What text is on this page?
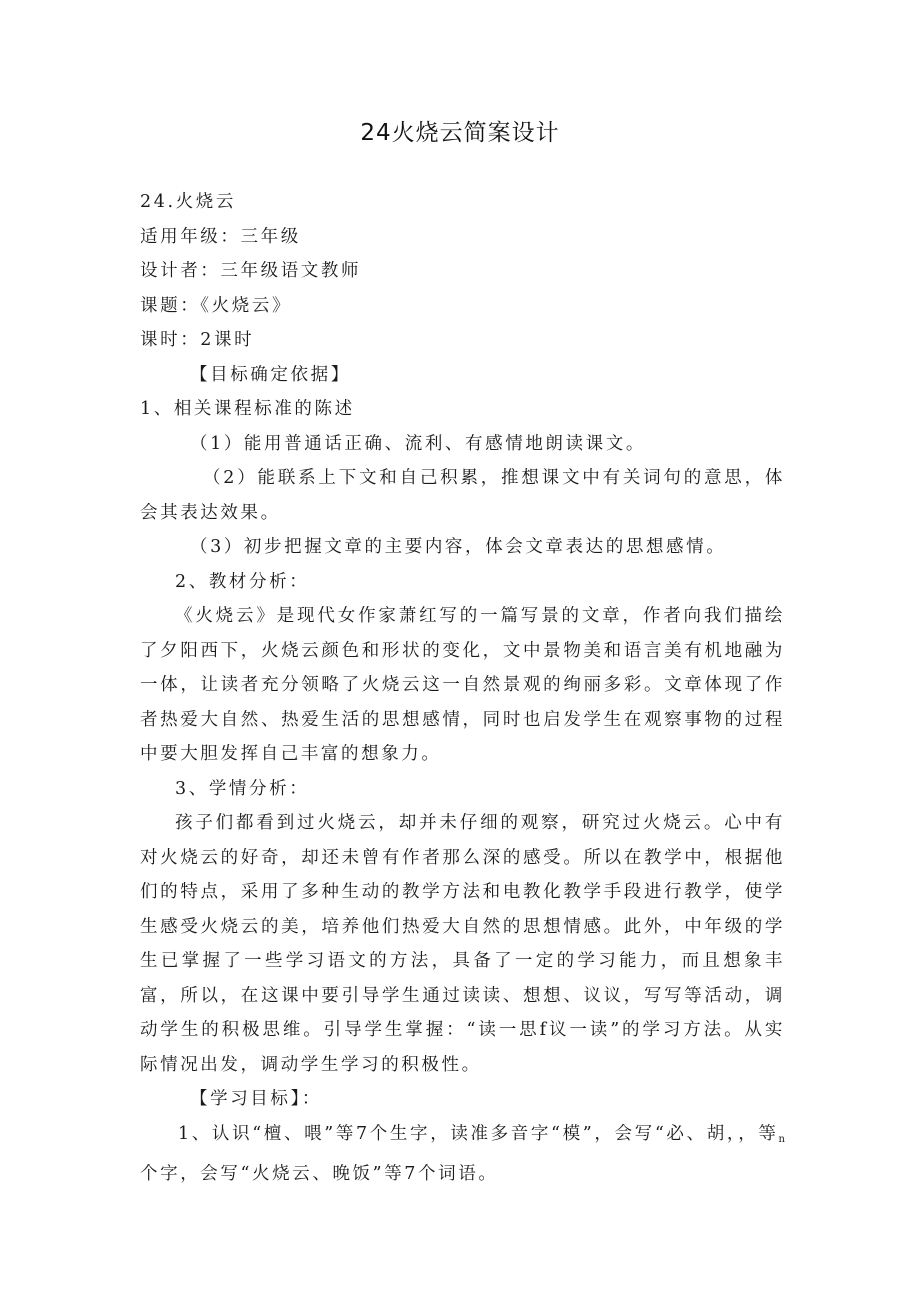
24火烧云简案设计

24.火烧云

适用年级：三年级

设计者：三年级语文教师

课题：《火烧云》

课时：2课时

【目标确定依据】

1、相关课程标准的陈述

（1）能用普通话正确、流利、有感情地朗读课文。

（2）能联系上下文和自己积累，推想课文中有关词句的意思，体会其表达效果。

（3）初步把握文章的主要内容，体会文章表达的思想感情。

2、教材分析：

《火烧云》是现代女作家萧红写的一篇写景的文章，作者向我们描绘了夕阳西下，火烧云颜色和形状的变化，文中景物美和语言美有机地融为一体，让读者充分领略了火烧云这一自然景观的绚丽多彩。文章体现了作者热爱大自然、热爱生活的思想感情，同时也启发学生在观察事物的过程中要大胆发挥自己丰富的想象力。

3、学情分析：

孩子们都看到过火烧云，却并未仔细的观察，研究过火烧云。心中有对火烧云的好奇，却还未曾有作者那么深的感受。所以在教学中，根据他们的特点，采用了多种生动的教学方法和电教化教学手段进行教学，使学生感受火烧云的美，培养他们热爱大自然的思想情感。此外，中年级的学生已掌握了一些学习语文的方法，具备了一定的学习能力，而且想象丰富，所以，在这课中要引导学生通过读读、想想、议议，写写等活动，调动学生的积极思维。引导学生掌握：“读一思f议一读”的学习方法。从实际情况出发，调动学生学习的积极性。

【学习目标】：

1、认识“檀、喂”等7个生字，读准多音字“模”，会写“必、胡，，等$_n$个字，会写“火烧云、晚饭”等7个词语。
